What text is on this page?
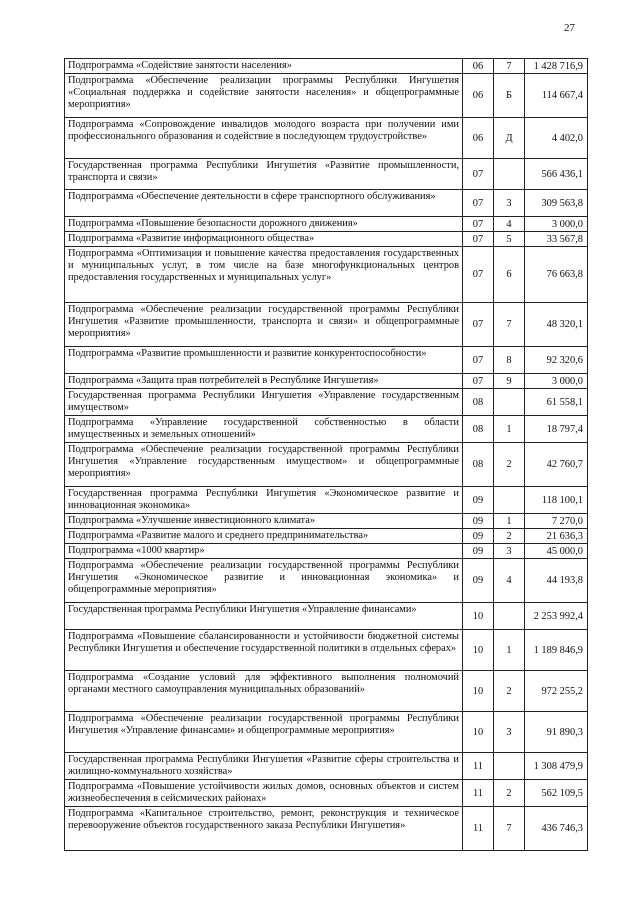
27
Подпрограмма «Содействие занятости населения»	06	7	1 428 716,9
Подпрограмма «Обеспечение реализации программы Республики Ингушетия «Социальная поддержка и содействие занятости населения» и общепрограммные мероприятия»	06	Б	114 667,4
Подпрограмма «Сопровождение инвалидов молодого возраста при получении ими профессионального образования и содействие в последующем трудоустройстве»	06	Д	4 402,0
Государственная программа Республики Ингушетия «Развитие промышленности, транспорта и связи»	07		566 436,1
Подпрограмма «Обеспечение деятельности в сфере транспортного обслуживания»	07	3	309 563,8
Подпрограмма «Повышение безопасности дорожного движения»	07	4	3 000,0
Подпрограмма «Развитие информационного общества»	07	5	33 567,8
Подпрограмма «Оптимизация и повышение качества предоставления государственных и муниципальных услуг, в том числе на базе многофункциональных центров предоставления государственных и муниципальных услуг»	07	6	76 663,8
Подпрограмма «Обеспечение реализации государственной программы Республики Ингушетия «Развитие промышленности, транспорта и связи» и общепрограммные мероприятия»	07	7	48 320,1
Подпрограмма «Развитие промышленности и развитие конкурентоспособности»	07	8	92 320,6
Подпрограмма «Защита прав потребителей в Республике Ингушетия»	07	9	3 000,0
Государственная программа Республики Ингушетия «Управление государственным имуществом»	08		61 558,1
Подпрограмма «Управление государственной собственностью в области имущественных и земельных отношений»	08	1	18 797,4
Подпрограмма «Обеспечение реализации государственной программы Республики Ингушетия «Управление государственным имуществом» и общепрограммные мероприятия»	08	2	42 760,7
Государственная программа Республики Ингушетия «Экономическое развитие и инновационная экономика»	09		118 100,1
Подпрограмма «Улучшение инвестиционного климата»	09	1	7 270,0
Подпрограмма «Развитие малого и среднего предпринимательства»	09	2	21 636,3
Подпрограмма «1000 квартир»	09	3	45 000,0
Подпрограмма «Обеспечение реализации государственной программы Республики Ингушетия «Экономическое развитие и инновационная экономика» и общепрограммные мероприятия»	09	4	44 193,8
Государственная программа Республики Ингушетия «Управление финансами»	10		2 253 992,4
Подпрограмма «Повышение сбалансированности и устойчивости бюджетной системы Республики Ингушетия и обеспечение государственной политики в отдельных сферах»	10	1	1 189 846,9
Подпрограмма «Создание условий для эффективного выполнения полномочий органами местного самоуправления муниципальных образований»	10	2	972 255,2
Подпрограмма «Обеспечение реализации государственной программы Республики Ингушетия «Управление финансами» и общепрограммные мероприятия»	10	3	91 890,3
Государственная программа Республики Ингушетия «Развитие сферы строительства и жилищно-коммунального хозяйства»	11		1 308 479,9
Подпрограмма «Повышение устойчивости жилых домов, основных объектов и систем жизнеобеспечения в сейсмических районах»	11	2	562 109,5
Подпрограмма «Капитальное строительство, ремонт, реконструкция и техническое перевооружение объектов государственного заказа Республики Ингушетия»	11	7	436 746,3
